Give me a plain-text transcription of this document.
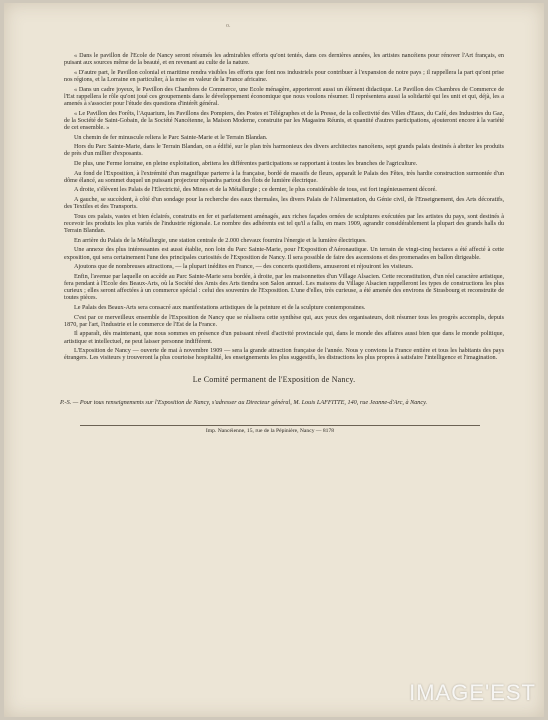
o.

« Dans le pavillon de l'Ecole de Nancy seront résumés les admirables efforts qu'ont tentés, dans ces dernières années, les artistes nancéiens pour rénover l'Art français, en puisant aux sources même de la beauté, et en revenant au culte de la nature.

« D'autre part, le Pavillon colonial et maritime rendra visibles les efforts que font nos industriels pour contribuer à l'expansion de notre pays ; il rappellera la part qu'ont prise nos régions, et la Lorraine en particulier, à la mise en valeur de la France africaine.

« Dans un cadre joyeux, le Pavillon des Chambres de Commerce, une Ecole ménagère, apporteront aussi un élément didactique. Le Pavillon des Chambres de Commerce de l'Est rappellera le rôle qu'ont joué ces groupements dans le développement économique que nous voulons résumer. Il représentera aussi la solidarité qui les unit et qui, déjà, les a amenés à s'associer pour l'étude des questions d'intérêt général.

« Le Pavillon des Forêts, l'Aquarium, les Pavillons des Pompiers, des Postes et Télégraphes et de la Presse, de la collectivité des Villes d'Eaux, du Café, des Industries du Gaz, de la Société de Saint-Gobain, de la Société Nancéienne, la Maison Moderne, construite par les Magasins Réunis, et quantité d'autres participations, ajouteront encore à la variété de cet ensemble. »

Un chemin de fer minuscule reliera le Parc Sainte-Marie et le Terrain Blandan.

Hors du Parc Sainte-Marie, dans le Terrain Blandan, on a édifié, sur le plan très harmonieux des divers architectes nancéiens, sept grands palais destinés à abriter les produits de près d'un millier d'exposants.

De plus, une Ferme lorraine, en pleine exploitation, abritera les différentes participations se rapportant à toutes les branches de l'agriculture.

Au fond de l'Exposition, à l'extrémité d'un magnifique parterre à la française, bordé de massifs de fleurs, apparaît le Palais des Fêtes, très hardie construction surmontée d'un dôme élancé, au sommet duquel un puissant projecteur répandra partout des flots de lumière électrique.

A droite, s'élèvent les Palais de l'Electricité, des Mines et de la Métallurgie ; ce dernier, le plus considérable de tous, est fort ingénieusement décoré.

A gauche, se succèdent, à côté d'un sondage pour la recherche des eaux thermales, les divers Palais de l'Alimentation, du Génie civil, de l'Enseignement, des Arts décoratifs, des Textiles et des Transports.

Tous ces palais, vastes et bien éclairés, construits en fer et parfaitement aménagés, aux riches façades ornées de sculptures exécutées par les artistes du pays, sont destinés à recevoir les produits les plus variés de l'industrie régionale. Le nombre des adhérents est tel qu'il a fallu, en mars 1909, agrandir considérablement la plupart des grands halls du Terrain Blandan.

En arrière du Palais de la Métallurgie, une station centrale de 2.000 chevaux fournira l'énergie et la lumière électriques.

Une annexe des plus intéressantes est aussi établie, non loin du Parc Sainte-Marie, pour l'Exposition d'Aéronautique. Un terrain de vingt-cinq hectares a été affecté à cette exposition, qui sera certainement l'une des principales curiosités de l'Exposition de Nancy. Il sera possible de faire des ascensions et des promenades en ballon dirigeable.

Ajoutons que de nombreuses attractions, — la plupart inédites en France, — des concerts quotidiens, amuseront et réjouiront les visiteurs.

Enfin, l'avenue par laquelle on accède au Parc Sainte-Marie sera bordée, à droite, par les maisonnettes d'un Village Alsacien. Cette reconstitution, d'un réel caractère artistique, fera pendant à l'Ecole des Beaux-Arts, où la Société des Amis des Arts tiendra son Salon annuel. Les maisons du Village Alsacien rappelleront les types de constructions les plus curieux ; elles seront affectées à un commerce spécial : celui des souvenirs de l'Exposition. L'une d'elles, très curieuse, a été amenée des environs de Strasbourg et reconstruite de toutes pièces.

Le Palais des Beaux-Arts sera consacré aux manifestations artistiques de la peinture et de la sculpture contemporaines.

C'est par ce merveilleux ensemble de l'Exposition de Nancy que se réalisera cette synthèse qui, aux yeux des organisateurs, doit résumer tous les progrès accomplis, depuis 1870, par l'art, l'industrie et le commerce de l'Est de la France.

Il apparaît, dès maintenant, que nous sommes en présence d'un puissant réveil d'activité provinciale qui, dans le monde des affaires aussi bien que dans le monde politique, artistique et intellectuel, ne peut laisser personne indifférent.

L'Exposition de Nancy — ouverte de mai à novembre 1909 — sera la grande attraction française de l'année. Nous y convions la France entière et tous les habitants des pays étrangers. Les visiteurs y trouveront la plus courtoise hospitalité, les enseignements les plus suggestifs, les distractions les plus propres à satisfaire l'intelligence et l'imagination.

Le Comité permanent de l'Exposition de Nancy.
P.-S. — Pour tous renseignements sur l'Exposition de Nancy, s'adresser au Directeur général, M. Louis LAFFITTE, 140, rue Jeanne-d'Arc, à Nancy.
Imp. Nancéienne, 15, rue de la Pépinière, Nancy — 8178
IMAGE'EST
